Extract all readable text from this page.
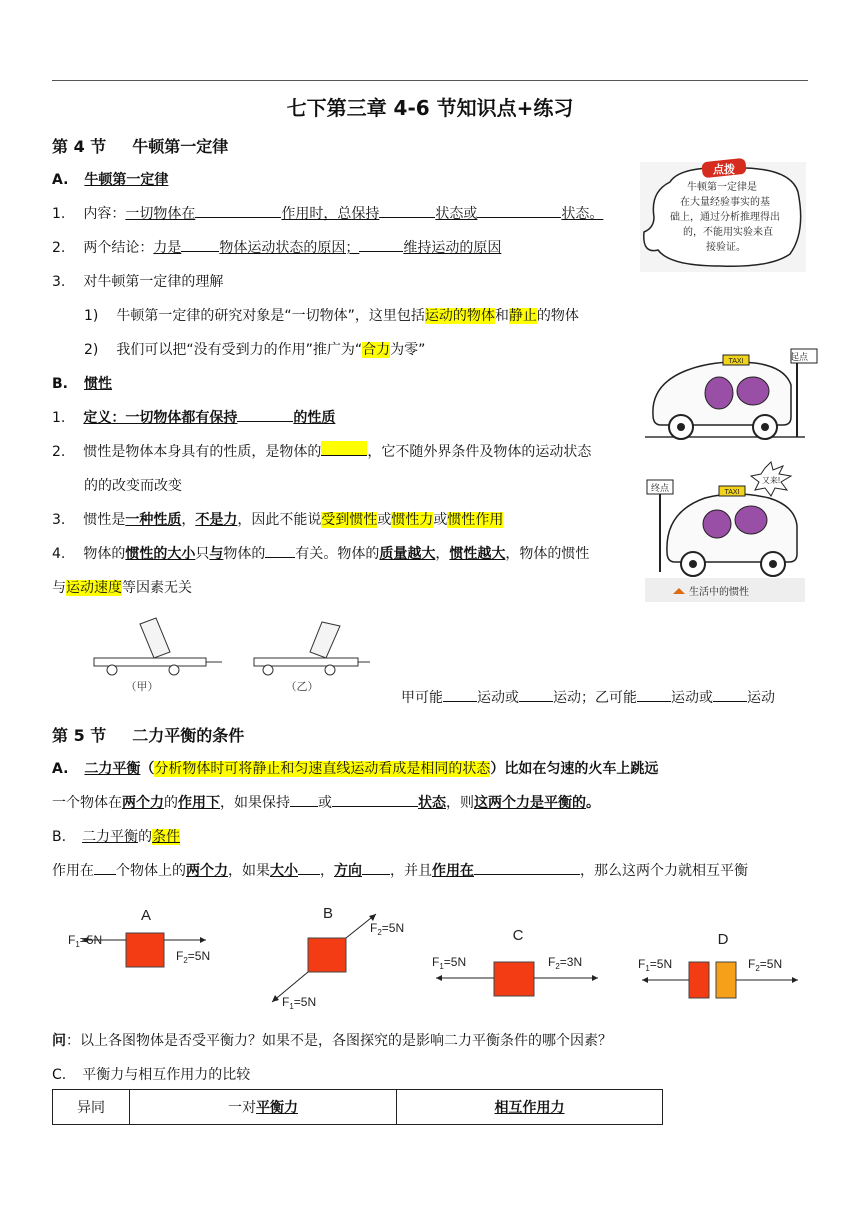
七下第三章 4-6 节知识点+练习
第 4 节 牛顿第一定律
A. 牛顿第一定律
1. 内容：一切物体在	作用时，总保持	状态或	状态。
2. 两个结论：力是	物体运动状态的原因；	维持运动的原因
3. 对牛顿第一定律的理解
1) 牛顿第一定律的研究对象是“一切物体”，这里包括运动的物体和静止的物体
2) 我们可以把“没有受到力的作用”推广为“合力为零”
B. 惯性
1. 定义：一切物体都有保持	的性质
2. 惯性是物体本身具有的性质，是物体的	，它不随外界条件及物体的运动状态
的的改变而改变
3. 惯性是一种性质，不是力，因此不能说受到惯性或惯性力或惯性作用
4. 物体的惯性的大小只与物体的 有关。物体的质量越大，惯性越大，物体的惯性
与运动速度等因素无关
牛顿第一定律是
在大量经验事实的基
础上，通过分析推理得出
的，不能用实验来直
接验证。
点拨
起点
TAXI
终点
又来!
TAXI
生活中的惯性
（甲）	（乙）
甲可能 运动或 运动；乙可能 运动或 运动
第 5 节 二力平衡的条件
A. 二力平衡（分析物体时可将静止和匀速直线运动看成是相同的状态）比如在匀速的火车上跳远
一个物体在两个力的作用下，如果保持 或	状态，则这两个力是平衡的。
B. 二力平衡的条件
作用在 个物体上的两个力，如果大小 ，方向 ，并且作用在	，那么这两个力就相互平衡
A
$F_1=5N$
$F_2=5N$
B
$F_2=5N$
$F_1=5N$
C
$F_1=5N$	$F_2=3N$
D
$F_1=5N$	$F_2=5N$
问：以上各图物体是否受平衡力？如果不是，各图探究的是影响二力平衡条件的哪个因素？
C. 平衡力与相互作用力的比较
异同	一对平衡力	相互作用力
